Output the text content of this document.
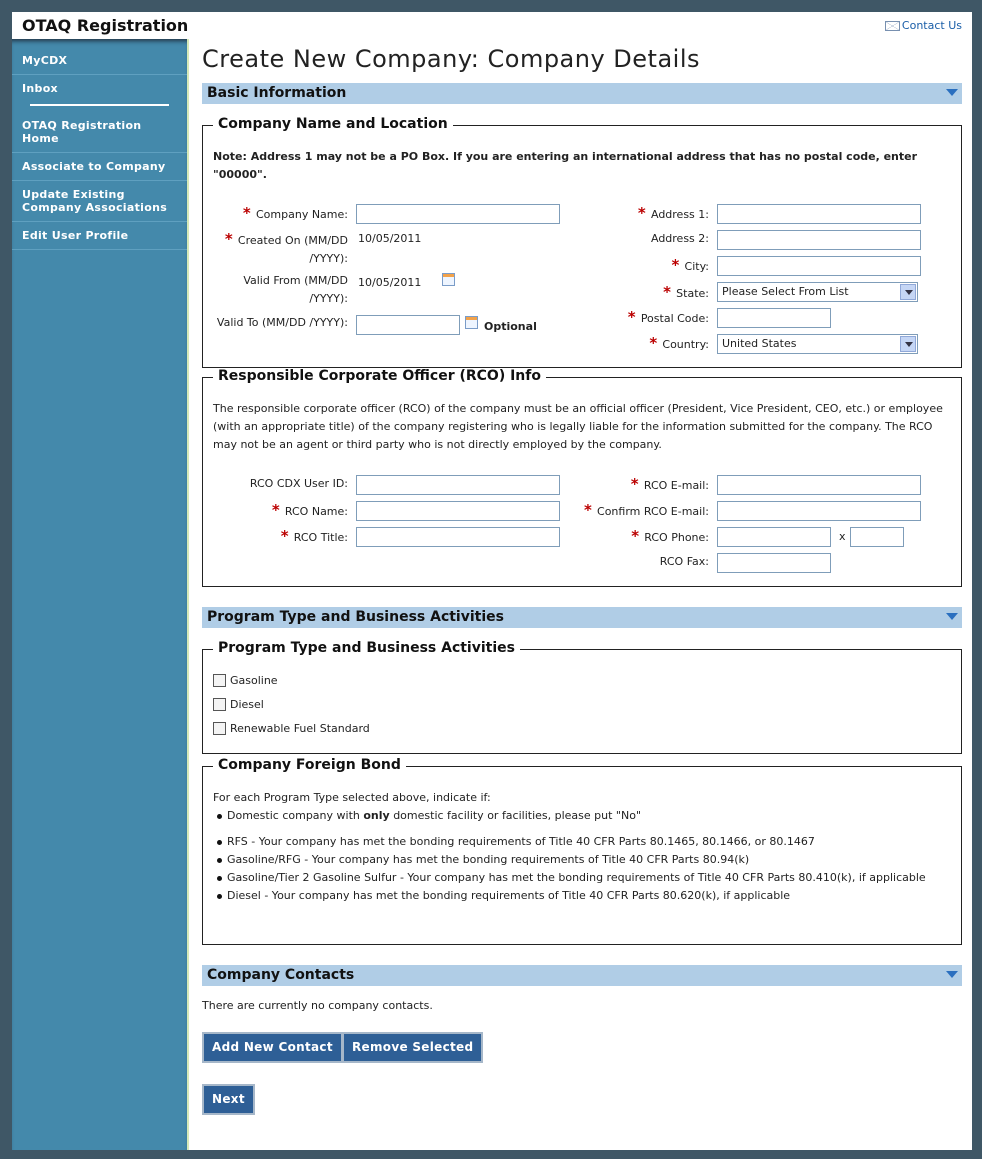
OTAQ Registration	Contact Us
MyCDX
Inbox
OTAQ Registration Home
Associate to Company
Update Existing Company Associations
Edit User Profile
Create New Company: Company Details
Basic Information
Company Name and Location
Note: Address 1 may not be a PO Box. If you are entering an international address that has no postal code, enter "00000".
* Company Name:
* Created On (MM/DD /YYYY):
10/05/2011
Valid From (MM/DD /YYYY):
10/05/2011
Valid To (MM/DD /YYYY):	Optional
* Address 1:
Address 2:
* City:
* State:	Please Select From List
* Postal Code:
* Country:	United States
Responsible Corporate Officer (RCO) Info
The responsible corporate officer (RCO) of the company must be an official officer (President, Vice President, CEO, etc.) or employee (with an appropriate title) of the company registering who is legally liable for the information submitted for the company. The RCO may not be an agent or third party who is not directly employed by the company.
RCO CDX User ID:
* RCO Name:
* RCO Title:
* RCO E-mail:
* Confirm RCO E-mail:
* RCO Phone:	x
RCO Fax:
Program Type and Business Activities
Program Type and Business Activities
Gasoline
Diesel
Renewable Fuel Standard
Company Foreign Bond
For each Program Type selected above, indicate if:
Domestic company with only domestic facility or facilities, please put "No"
RFS - Your company has met the bonding requirements of Title 40 CFR Parts 80.1465, 80.1466, or 80.1467
Gasoline/RFG - Your company has met the bonding requirements of Title 40 CFR Parts 80.94(k)
Gasoline/Tier 2 Gasoline Sulfur - Your company has met the bonding requirements of Title 40 CFR Parts 80.410(k), if applicable
Diesel - Your company has met the bonding requirements of Title 40 CFR Parts 80.620(k), if applicable
Company Contacts
There are currently no company contacts.
Add New Contact	Remove Selected
Next
